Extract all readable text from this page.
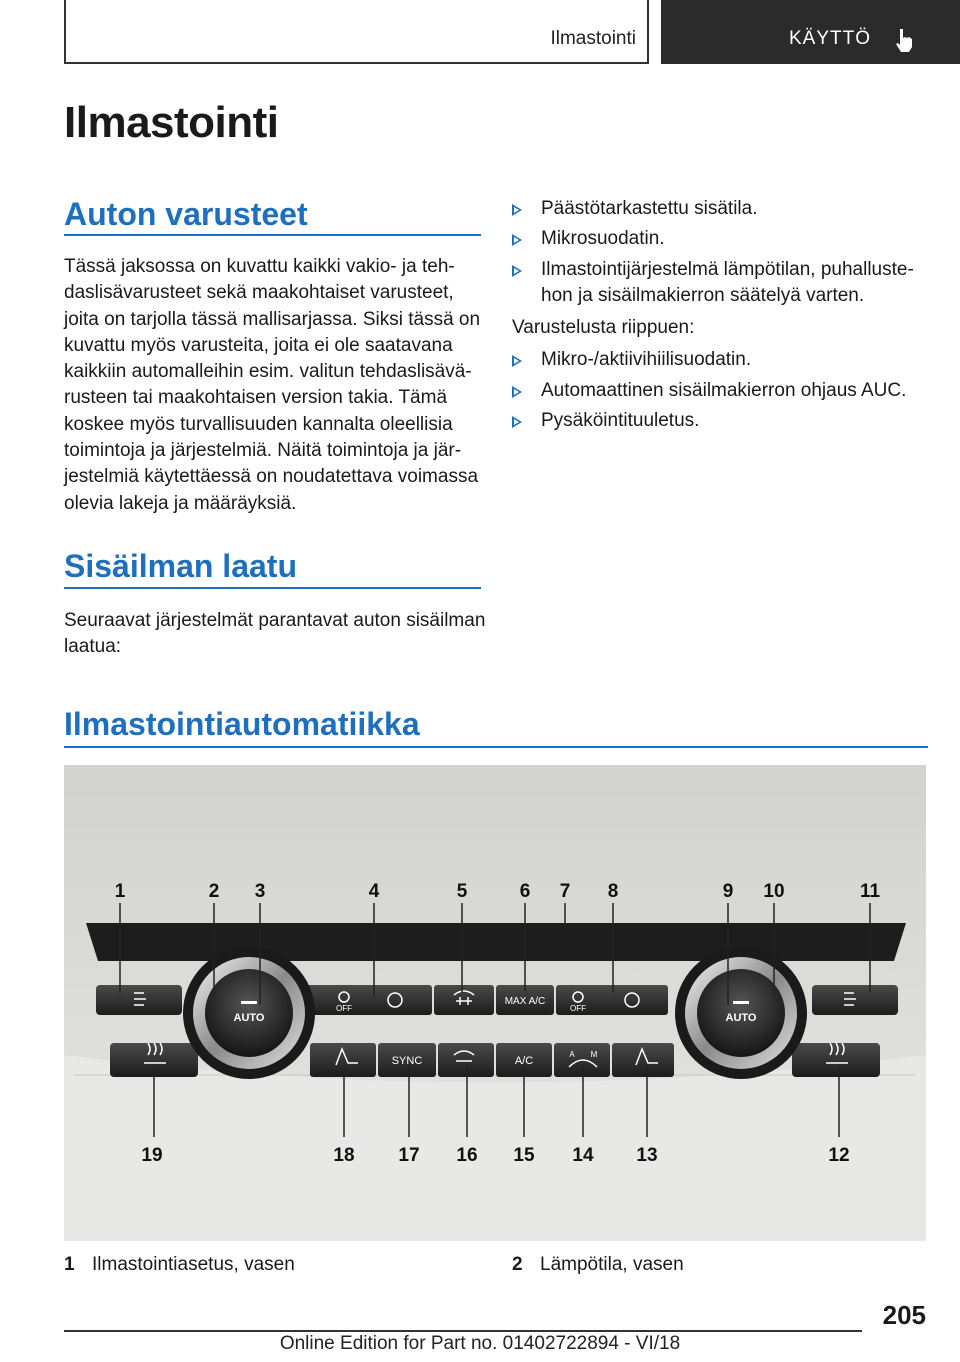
Ilmastointi	KÄYTTÖ
Ilmastointi
Auton varusteet
Tässä jaksossa on kuvattu kaikki vakio- ja teh-
daslisävarusteet sekä maakohtaiset varusteet,
joita on tarjolla tässä mallisarjassa. Siksi tässä on
kuvattu myös varusteita, joita ei ole saatavana
kaikkiin automalleihin esim. valitun tehdaslisävä-
rusteen tai maakohtaisen version takia. Tämä
koskee myös turvallisuuden kannalta oleellisia
toimintoja ja järjestelmiä. Näitä toimintoja ja jär-
jestelmiä käytettäessä on noudatettava voimassa
olevia lakeja ja määräyksiä.
Sisäilman laatu
Seuraavat järjestelmät parantavat auton sisäilman
laatua:
Päästötarkastettu sisätila.
Mikrosuodatin.
Ilmastointijärjestelmä lämpötilan, puhalluste-
hon ja sisäilmakierron säätelyä varten.
Varustelusta riippuen:
Mikro-/aktiivihiilisuodatin.
Automaattinen sisäilmakierron ohjaus AUC.
Pysäköintituuletus.
Ilmastointiautomatiikka
AUTO	AUTO
OFF	OFF
MAX A/C
SYNC	A/C
A M
1	2 3	4	5	6 7 8	9 10	11
19	18 17 16 15 14 13	12
1 Ilmastointiasetus, vasen	2 Lämpötila, vasen
205
Online Edition for Part no. 01402722894 - VI/18
